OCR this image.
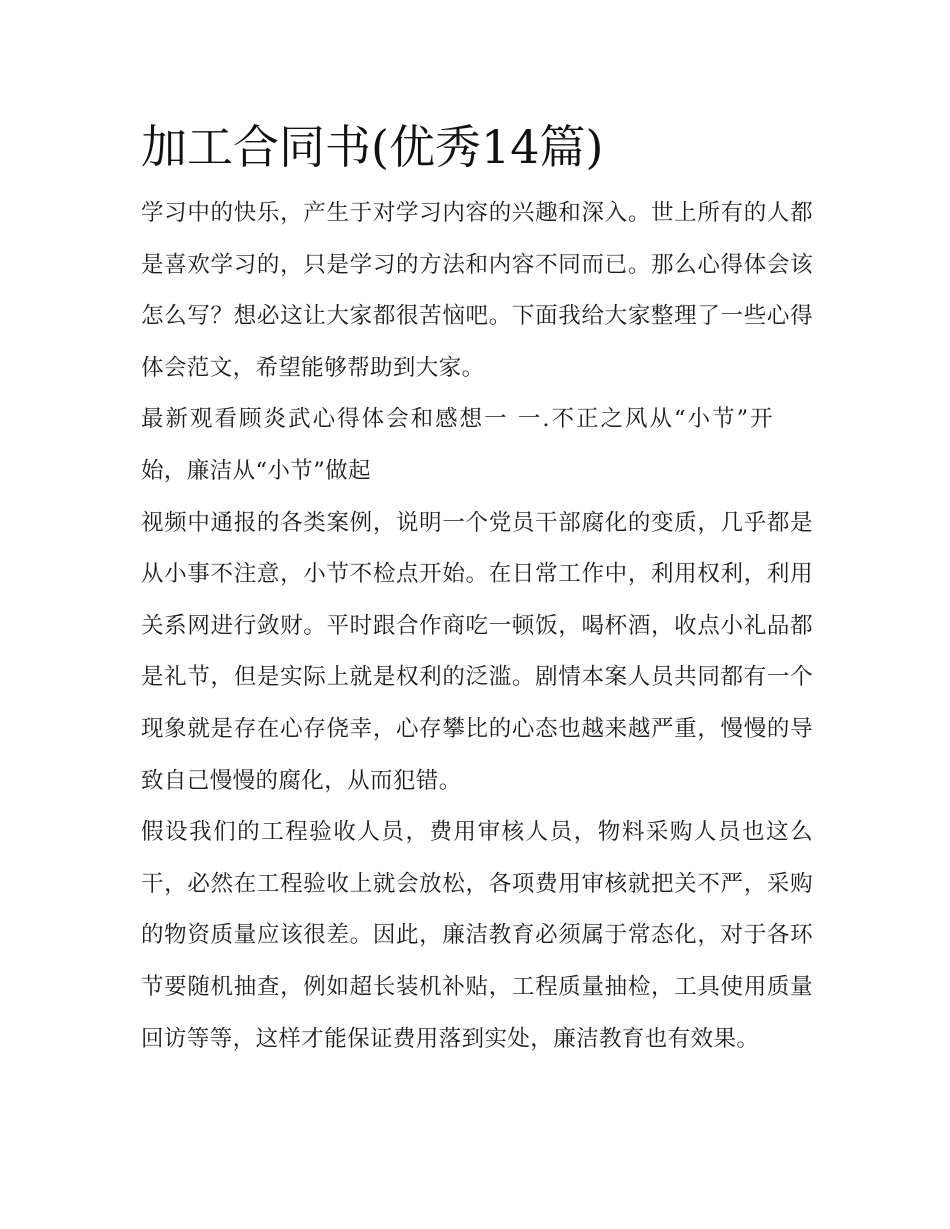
加工合同书(优秀14篇)

学习中的快乐，产生于对学习内容的兴趣和深入。世上所有的人都是喜欢学习的，只是学习的方法和内容不同而已。那么心得体会该怎么写？想必这让大家都很苦恼吧。下面我给大家整理了一些心得体会范文，希望能够帮助到大家。

最新观看顾炎武心得体会和感想一 一.不正之风从“小节”开始，廉洁从“小节”做起

视频中通报的各类案例，说明一个党员干部腐化的变质，几乎都是从小事不注意，小节不检点开始。在日常工作中，利用权利，利用关系网进行敛财。平时跟合作商吃一顿饭，喝杯酒，收点小礼品都是礼节，但是实际上就是权利的泛滥。剧情本案人员共同都有一个现象就是存在心存侥幸，心存攀比的心态也越来越严重，慢慢的导致自己慢慢的腐化，从而犯错。

假设我们的工程验收人员，费用审核人员，物料采购人员也这么干，必然在工程验收上就会放松，各项费用审核就把关不严，采购的物资质量应该很差。因此，廉洁教育必须属于常态化，对于各环节要随机抽查，例如超长装机补贴，工程质量抽检，工具使用质量回访等等，这样才能保证费用落到实处，廉洁教育也有效果。
